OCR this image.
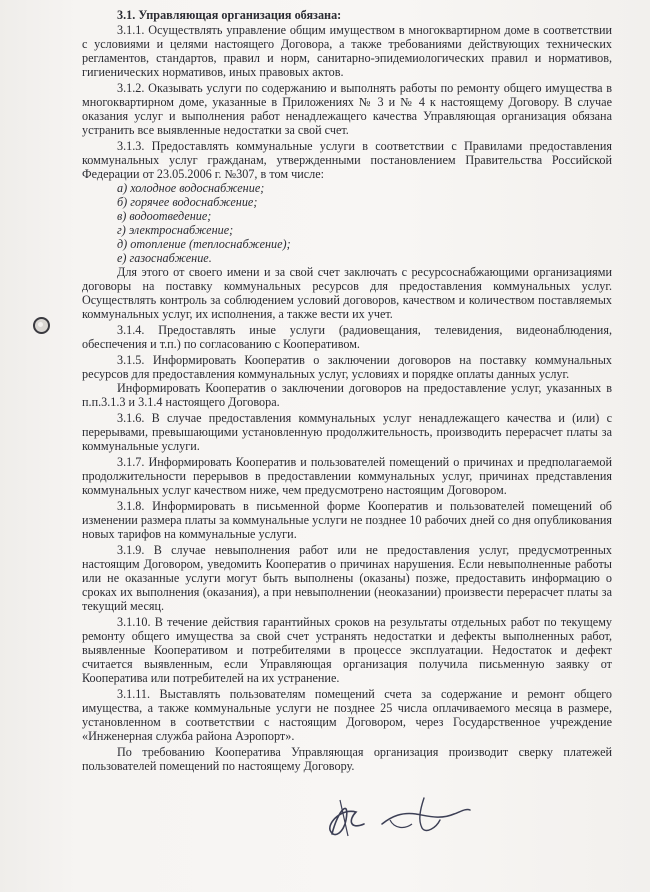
3.1. Управляющая организация обязана:

3.1.1. Осуществлять управление общим имуществом в многоквартирном доме в соответствии с условиями и целями настоящего Договора, а также требованиями действующих технических регламентов, стандартов, правил и норм, санитарно-эпидемиологических правил и нормативов, гигиенических нормативов, иных правовых актов.

3.1.2. Оказывать услуги по содержанию и выполнять работы по ремонту общего имущества в многоквартирном доме, указанные в Приложениях № 3 и № 4 к настоящему Договору. В случае оказания услуг и выполнения работ ненадлежащего качества Управляющая организация обязана устранить все выявленные недостатки за свой счет.

3.1.3. Предоставлять коммунальные услуги в соответствии с Правилами предоставления коммунальных услуг гражданам, утвержденными постановлением Правительства Российской Федерации от 23.05.2006 г. №307, в том числе:

а) холодное водоснабжение;

б) горячее водоснабжение;

в) водоотведение;

г) электроснабжение;

д) отопление (теплоснабжение);

е) газоснабжение.

Для этого от своего имени и за свой счет заключать с ресурсоснабжающими организациями договоры на поставку коммунальных ресурсов для предоставления коммунальных услуг. Осуществлять контроль за соблюдением условий договоров, качеством и количеством поставляемых коммунальных услуг, их исполнения, а также вести их учет.

3.1.4. Предоставлять иные услуги (радиовещания, телевидения, видеонаблюдения, обеспечения и т.п.) по согласованию с Кооперативом.

3.1.5. Информировать Кооператив о заключении договоров на поставку коммунальных ресурсов для предоставления коммунальных услуг, условиях и порядке оплаты данных услуг.

Информировать Кооператив о заключении договоров на предоставление услуг, указанных в п.п.3.1.3 и 3.1.4 настоящего Договора.

3.1.6. В случае предоставления коммунальных услуг ненадлежащего качества и (или) с перерывами, превышающими установленную продолжительность, производить перерасчет платы за коммунальные услуги.

3.1.7. Информировать Кооператив и пользователей помещений о причинах и предполагаемой продолжительности перерывов в предоставлении коммунальных услуг, причинах представления коммунальных услуг качеством ниже, чем предусмотрено настоящим Договором.

3.1.8. Информировать в письменной форме Кооператив и пользователей помещений об изменении размера платы за коммунальные услуги не позднее 10 рабочих дней со дня опубликования новых тарифов на коммунальные услуги.

3.1.9. В случае невыполнения работ или не предоставления услуг, предусмотренных настоящим Договором, уведомить Кооператив о причинах нарушения. Если невыполненные работы или не оказанные услуги могут быть выполнены (оказаны) позже, предоставить информацию о сроках их выполнения (оказания), а при невыполнении (неоказании) произвести перерасчет платы за текущий месяц.

3.1.10. В течение действия гарантийных сроков на результаты отдельных работ по текущему ремонту общего имущества за свой счет устранять недостатки и дефекты выполненных работ, выявленные Кооперативом и потребителями в процессе эксплуатации. Недостаток и дефект считается выявленным, если Управляющая организация получила письменную заявку от Кооператива или потребителей на их устранение.

3.1.11. Выставлять пользователям помещений счета за содержание и ремонт общего имущества, а также коммунальные услуги не позднее 25 числа оплачиваемого месяца в размере, установленном в соответствии с настоящим Договором, через Государственное учреждение «Инженерная служба района Аэропорт».

По требованию Кооператива Управляющая организация производит сверку платежей пользователей помещений по настоящему Договору.
